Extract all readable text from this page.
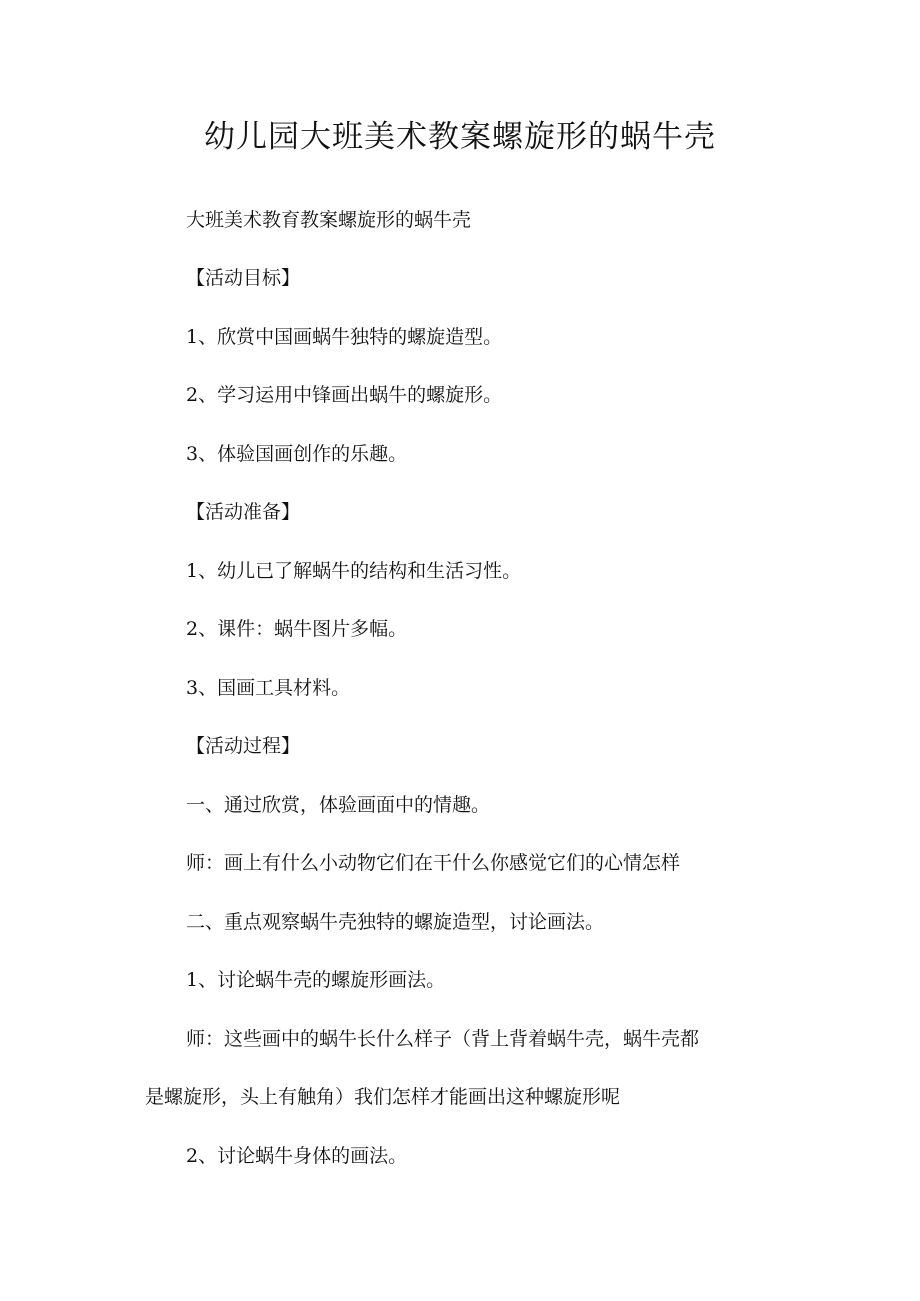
幼儿园大班美术教案螺旋形的蜗牛壳
大班美术教育教案螺旋形的蜗牛壳
【活动目标】
1、欣赏中国画蜗牛独特的螺旋造型。
2、学习运用中锋画出蜗牛的螺旋形。
3、体验国画创作的乐趣。
【活动准备】
1、幼儿已了解蜗牛的结构和生活习性。
2、课件：蜗牛图片多幅。
3、国画工具材料。
【活动过程】
一、通过欣赏，体验画面中的情趣。
师：画上有什么小动物它们在干什么你感觉它们的心情怎样
二、重点观察蜗牛壳独特的螺旋造型，讨论画法。
1、讨论蜗牛壳的螺旋形画法。
师：这些画中的蜗牛长什么样子（背上背着蜗牛壳，蜗牛壳都
是螺旋形，头上有触角）我们怎样才能画出这种螺旋形呢
2、讨论蜗牛身体的画法。
